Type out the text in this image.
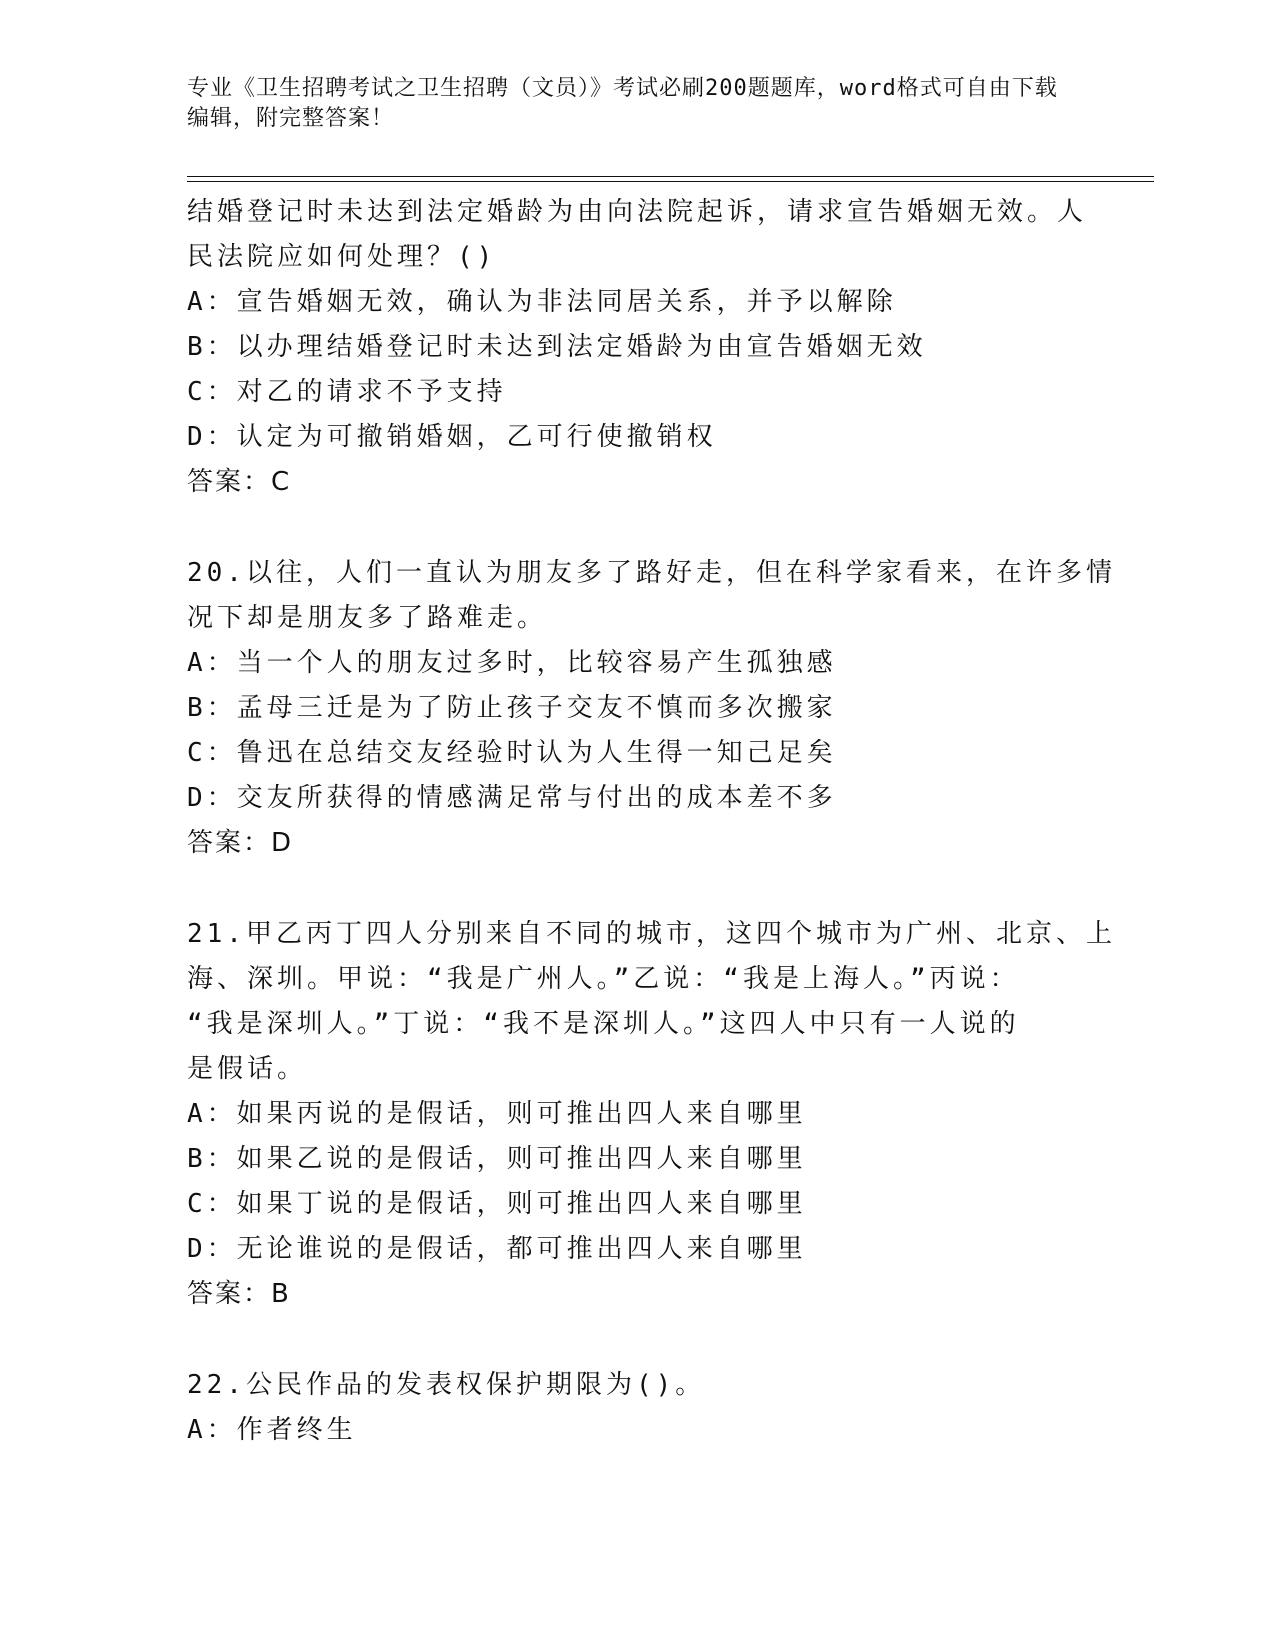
专业《卫生招聘考试之卫生招聘（文员）》考试必刷200题题库，word格式可自由下载编辑，附完整答案！
结婚登记时未达到法定婚龄为由向法院起诉，请求宣告婚姻无效。人
民法院应如何处理？()
A：宣告婚姻无效，确认为非法同居关系，并予以解除
B：以办理结婚登记时未达到法定婚龄为由宣告婚姻无效
C：对乙的请求不予支持
D：认定为可撤销婚姻，乙可行使撤销权
答案：C
20.以往，人们一直认为朋友多了路好走，但在科学家看来，在许多情
况下却是朋友多了路难走。
A：当一个人的朋友过多时，比较容易产生孤独感
B：孟母三迁是为了防止孩子交友不慎而多次搬家
C：鲁迅在总结交友经验时认为人生得一知己足矣
D：交友所获得的情感满足常与付出的成本差不多
答案：D
21.甲乙丙丁四人分别来自不同的城市，这四个城市为广州、北京、上
海、深圳。甲说：“我是广州人。”乙说：“我是上海人。”丙说：
“我是深圳人。”丁说：“我不是深圳人。”这四人中只有一人说的
是假话。
A：如果丙说的是假话，则可推出四人来自哪里
B：如果乙说的是假话，则可推出四人来自哪里
C：如果丁说的是假话，则可推出四人来自哪里
D：无论谁说的是假话，都可推出四人来自哪里
答案：B
22.公民作品的发表权保护期限为()。
A：作者终生
